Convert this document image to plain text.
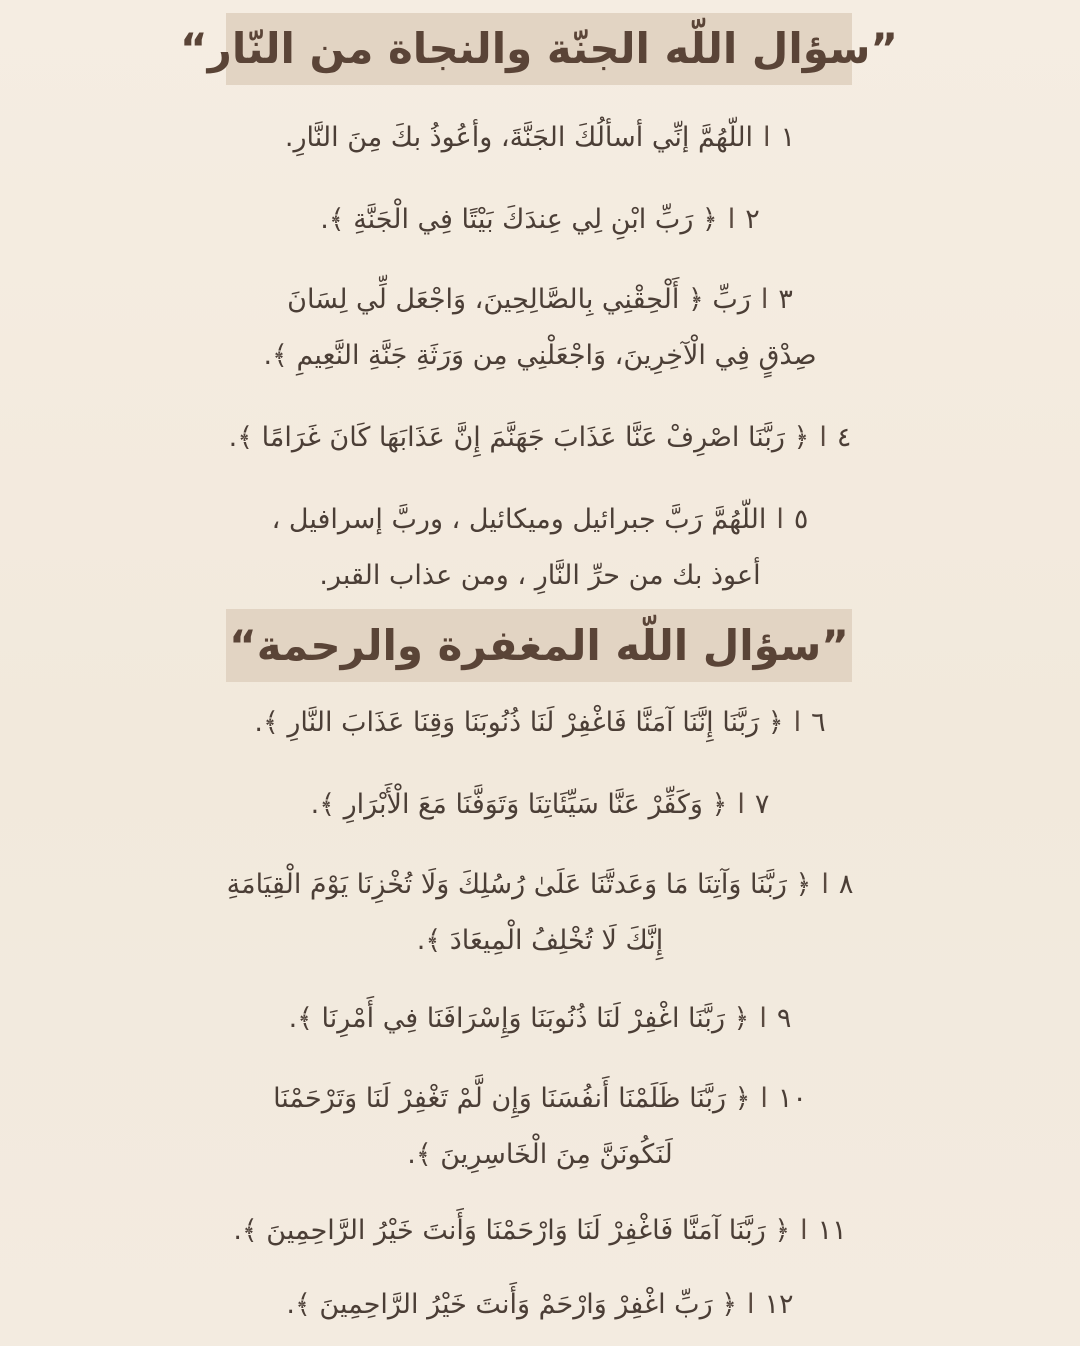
”سؤال اللّه الجنّة والنجاة من النّار“
١االلّهُمَّ إنِّي أسألُكَ الجَنَّةَ، وأعُوذُ بكَ مِنَ النَّارِ.
٢ا﴿ رَبِّ ابْنِ لِي عِندَكَ بَيْتًا فِي الْجَنَّةِ ﴾.
٣ارَبِّ ﴿ أَلْحِقْنِي بِالصَّالِحِينَ، وَاجْعَل لِّي لِسَانَ
صِدْقٍ فِي الْآخِرِينَ، وَاجْعَلْنِي مِن وَرَثَةِ جَنَّةِ النَّعِيمِ ﴾.
٤ا﴿ رَبَّنَا اصْرِفْ عَنَّا عَذَابَ جَهَنَّمَ إِنَّ عَذَابَهَا كَانَ غَرَامًا ﴾.
٥االلّهُمَّ رَبَّ جبرائيل وميكائيل ، وربَّ إسرافيل ،
أعوذ بك من حرِّ النَّارِ ، ومن عذاب القبر.
”سؤال اللّه المغفرة والرحمة“
٦ا﴿ رَبَّنَا إِنَّنَا آمَنَّا فَاغْفِرْ لَنَا ذُنُوبَنَا وَقِنَا عَذَابَ النَّارِ ﴾.
٧ا﴿ وَكَفِّرْ عَنَّا سَيِّئَاتِنَا وَتَوَفَّنَا مَعَ الْأَبْرَارِ ﴾.
٨ا﴿ رَبَّنَا وَآتِنَا مَا وَعَدتَّنَا عَلَىٰ رُسُلِكَ وَلَا تُخْزِنَا يَوْمَ الْقِيَامَةِ
إِنَّكَ لَا تُخْلِفُ الْمِيعَادَ ﴾.
٩ا﴿ رَبَّنَا اغْفِرْ لَنَا ذُنُوبَنَا وَإِسْرَافَنَا فِي أَمْرِنَا ﴾.
١٠ا﴿ رَبَّنَا ظَلَمْنَا أَنفُسَنَا وَإِن لَّمْ تَغْفِرْ لَنَا وَتَرْحَمْنَا
لَنَكُونَنَّ مِنَ الْخَاسِرِينَ ﴾.
١١ا﴿ رَبَّنَا آمَنَّا فَاغْفِرْ لَنَا وَارْحَمْنَا وَأَنتَ خَيْرُ الرَّاحِمِينَ ﴾.
١٢ا﴿ رَبِّ اغْفِرْ وَارْحَمْ وَأَنتَ خَيْرُ الرَّاحِمِينَ ﴾.
